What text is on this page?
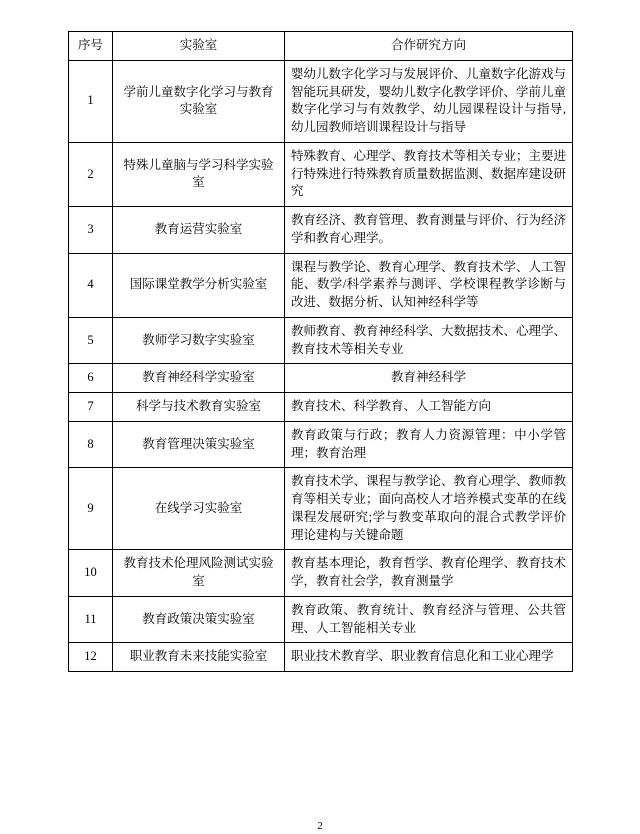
序号	实验室	合作研究方向
1	学前儿童数字化学习与教育实验室	婴幼儿数字化学习与发展评价、儿童数字化游戏与智能玩具研发，婴幼儿数字化教学评价、学前儿童数字化学习与有效教学、幼儿园课程设计与指导,幼儿园教师培训课程设计与指导
2	特殊儿童脑与学习科学实验室	特殊教育、心理学、教育技术等相关专业；主要进行特殊进行特殊教育质量数据监测、数据库建设研究
3	教育运营实验室	教育经济、教育管理、教育测量与评价、行为经济学和教育心理学。
4	国际课堂教学分析实验室	课程与教学论、教育心理学、教育技术学、人工智能、数学/科学素养与测评、学校课程教学诊断与改进、数据分析、认知神经科学等
5	教师学习数字实验室	教师教育、教育神经科学、大数据技术、心理学、教育技术等相关专业
6	教育神经科学实验室	教育神经科学
7	科学与技术教育实验室	教育技术、科学教育、人工智能方向
8	教育管理决策实验室	教育政策与行政；教育人力资源管理：中小学管理；教育治理
9	在线学习实验室	教育技术学、课程与教学论、教育心理学、教师教育等相关专业；面向高校人才培养模式变革的在线课程发展研究;学与教变革取向的混合式教学评价理论建构与关键命题
10	教育技术伦理风险测试实验室	教育基本理论，教育哲学、教育伦理学、教育技术学，教育社会学，教育测量学
11	教育政策决策实验室	教育政策、教育统计、教育经济与管理、公共管理、人工智能相关专业
12	职业教育未来技能实验室	职业技术教育学、职业教育信息化和工业心理学
2
